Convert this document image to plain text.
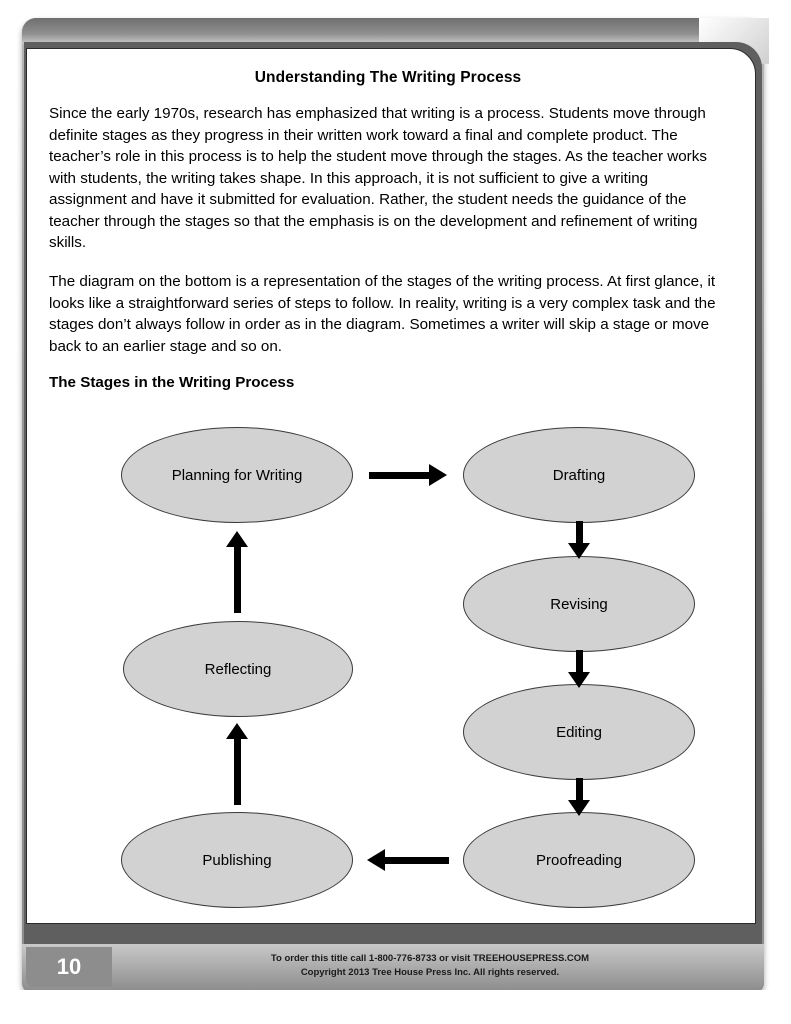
Understanding The Writing Process

Since the early 1970s, research has emphasized that writing is a process. Students move through definite stages as they progress in their written work toward a final and complete product. The teacher’s role in this process is to help the student move through the stages. As the teacher works with students, the writing takes shape. In this approach, it is not sufficient to give a writing assignment and have it submitted for evaluation. Rather, the student needs the guidance of the teacher through the stages so that the emphasis is on the development and refinement of writing skills.

The diagram on the bottom is a representation of the stages of the writing process. At first glance, it looks like a straightforward series of steps to follow. In reality, writing is a very complex task and the stages don’t always follow in order as in the diagram. Sometimes a writer will skip a stage or move back to an earlier stage and so on.

The Stages in the Writing Process
Planning for Writing
Reflecting
Publishing
Drafting
Revising
Editing
Proofreading
10	To order this title call 1-800-776-8733 or visit TREEHOUSEPRESS.COM
Copyright 2013 Tree House Press Inc. All rights reserved.
